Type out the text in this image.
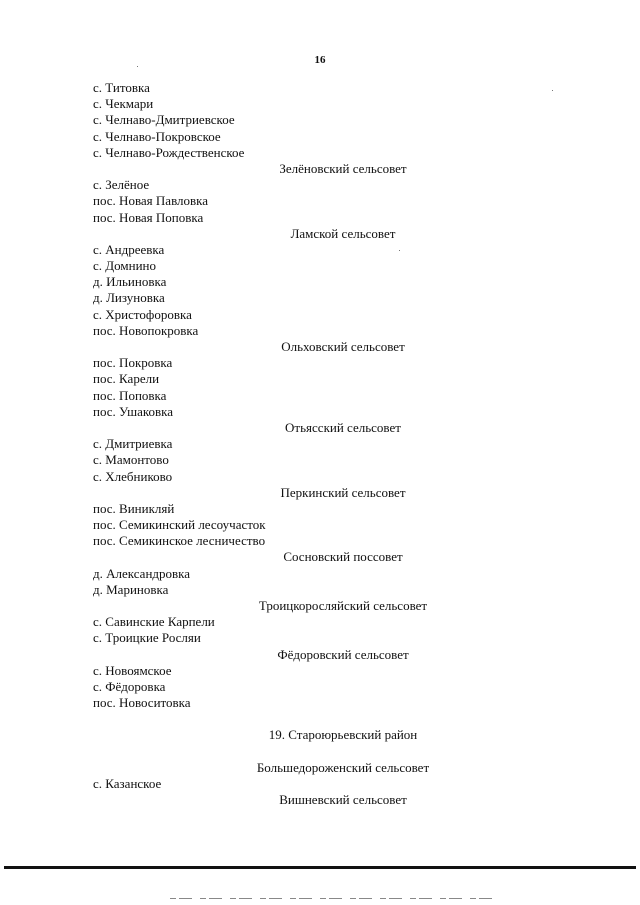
16
с. Титовка
с. Чекмари
с. Челнаво-Дмитриевское
с. Челнаво-Покровское
с. Челнаво-Рождественское
Зелёновский сельсовет
с. Зелёное
пос. Новая Павловка
пос. Новая Поповка
Ламской сельсовет
с. Андреевка
с. Домнино
д. Ильиновка
д. Лизуновка
с. Христофоровка
пос. Новопокровка
Ольховский сельсовет
пос. Покровка
пос. Карели
пос. Поповка
пос. Ушаковка
Отьясский сельсовет
с. Дмитриевка
с. Мамонтово
с. Хлебниково
Перкинский сельсовет
пос. Виникляй
пос. Семикинский лесоучасток
пос. Семикинское лесничество
Сосновский поссовет
д. Александровка
д. Мариновка
Троицкоросляйский сельсовет
с. Савинские Карпели
с. Троицкие Росляи
Фёдоровский сельсовет
с. Новоямское
с. Фёдоровка
пос. Новоситовка
19. Староюрьевский район
Большедороженский сельсовет
с. Казанское
Вишневский сельсовет
